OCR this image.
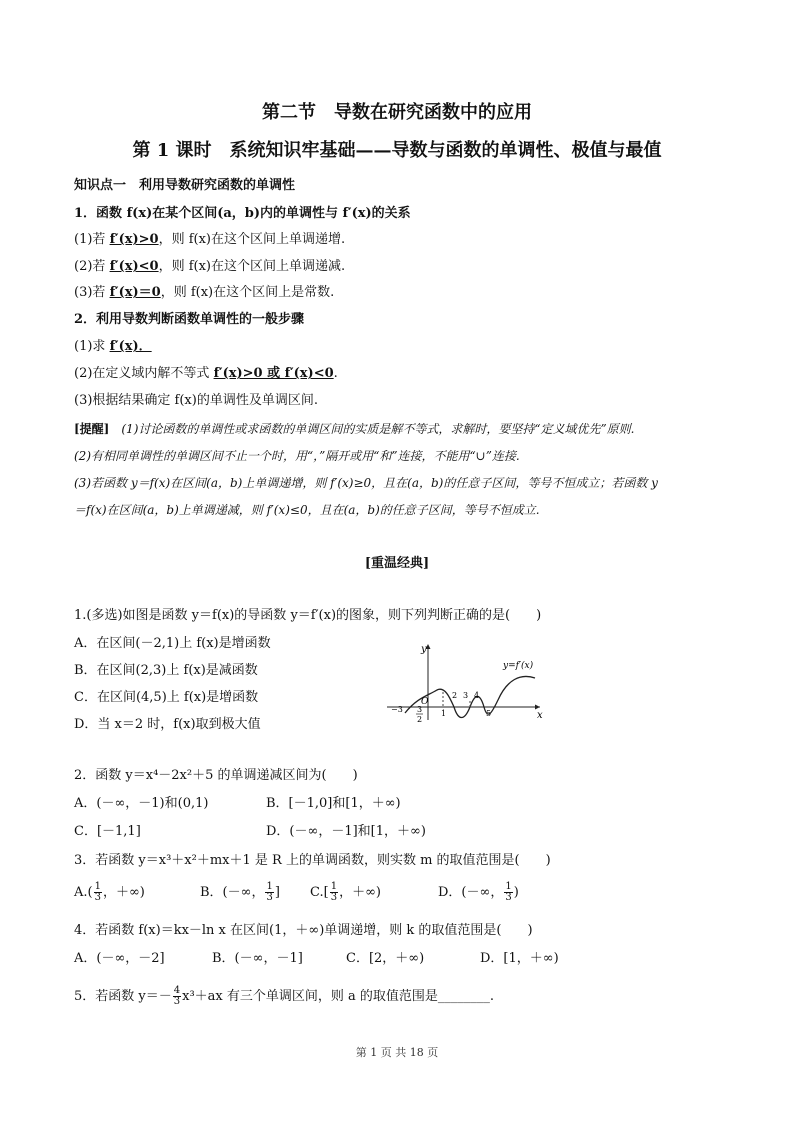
第二节　导数在研究函数中的应用
第 1 课时　系统知识牢基础——导数与函数的单调性、极值与最值
知识点一　利用导数研究函数的单调性
1．函数 f(x)在某个区间(a，b)内的单调性与 f′(x)的关系
(1)若 f′(x)>0，则 f(x)在这个区间上单调递增.
(2)若 f′(x)<0，则 f(x)在这个区间上单调递减.
(3)若 f′(x)＝0，则 f(x)在这个区间上是常数.
2．利用导数判断函数单调性的一般步骤
(1)求 f′(x)．
(2)在定义域内解不等式 f′(x)>0 或 f′(x)<0.
(3)根据结果确定 f(x)的单调性及单调区间.
[提醒]　 (1)讨论函数的单调性或求函数的单调区间的实质是解不等式，求解时，要坚持“定义域优先”原则.
(2)有相同单调性的单调区间不止一个时，用“，”隔开或用“和”连接，不能用“∪”连接.
(3)若函数 y＝f(x)在区间(a，b)上单调递增，则 f′(x)≥0，且在(a，b)的任意子区间，等号不恒成立；若函数 y
＝f(x)在区间(a，b)上单调递减，则 f′(x)≤0，且在(a，b)的任意子区间，等号不恒成立.
[重温经典]
1.(多选)如图是函数 y＝f(x)的导函数 y＝f′(x)的图象，则下列判断正确的是(　　)
A．在区间(－2,1)上 f(x)是增函数
B．在区间(2,3)上 f(x)是减函数
C．在区间(4,5)上 f(x)是增函数
D．当 x＝2 时，f(x)取到极大值
y
x
y=f′(x)
O
−3 3
2
1
2 3 4
5
2．函数 y＝x⁴－2x²＋5 的单调递减区间为(　　)
A．(－∞，－1)和(0,1)	B．[－1,0]和[1，＋∞)
C．[－1,1]	D．(－∞，－1]和[1，＋∞)
3．若函数 y＝x³＋x²＋mx＋1 是 R 上的单调函数，则实数 m 的取值范围是(　　)
$A.( \frac{1}{3}$ ，＋∞)	B．(－∞， $\frac{1}{3}$ ] $C.[ \frac{1}{3}$ ，＋∞)	D．(－∞， $\frac{1}{3}$ )
4．若函数 f(x)＝kx－ln x 在区间(1，＋∞)单调递增，则 k 的取值范围是(　　)
A．(－∞，－2]	B．(－∞，－1]	C．[2，＋∞)	D．[1，＋∞)
5．若函数 $y=- \frac{4}{3} x^3+ax$ 有三个单调区间，则 a 的取值范围是________.
第 1 页 共 18 页
